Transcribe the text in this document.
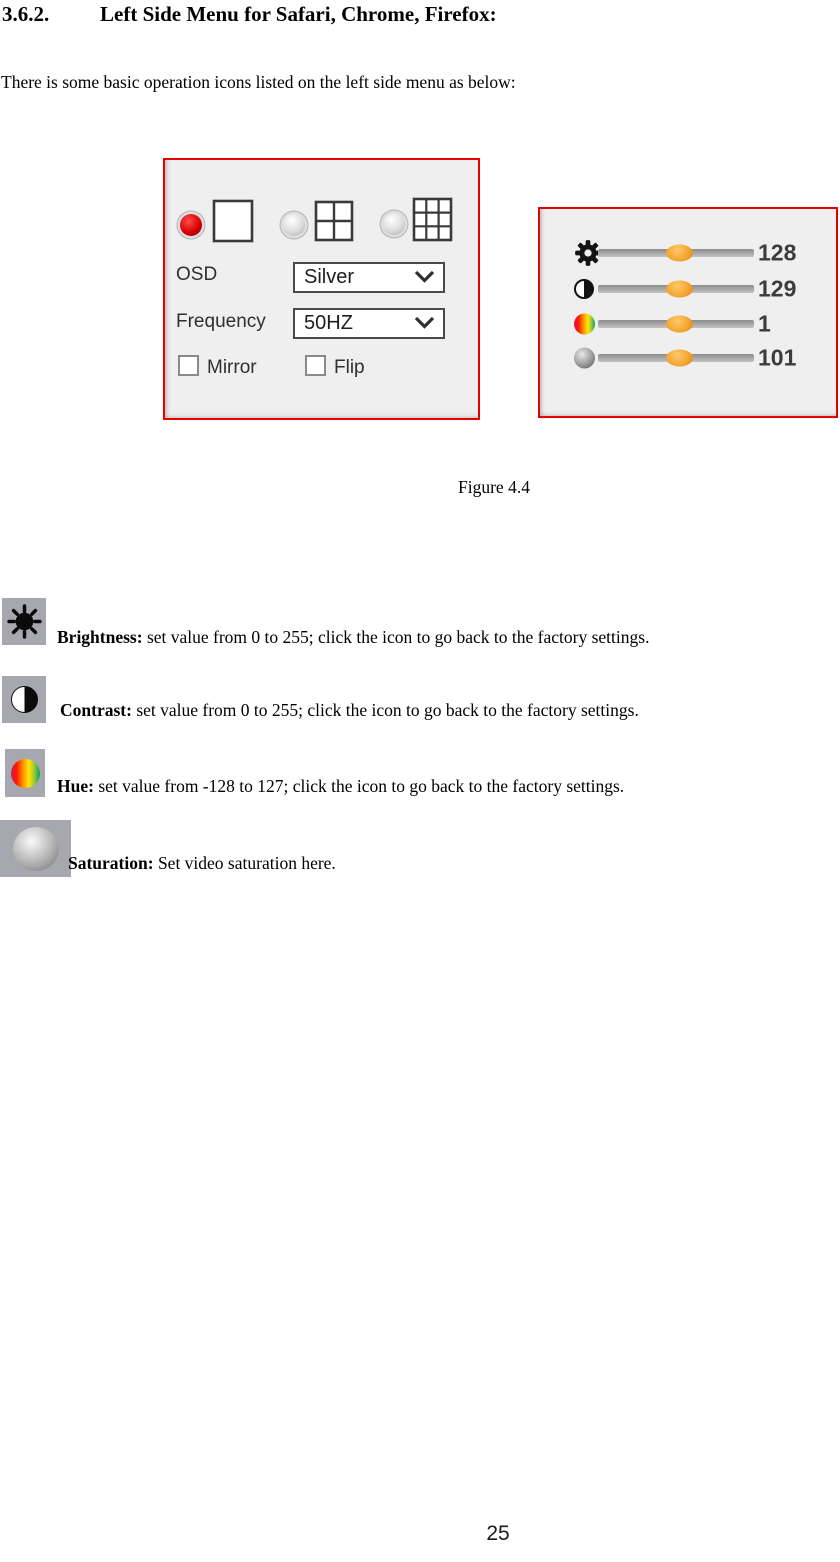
3.6.2. Left Side Menu for Safari, Chrome, Firefox:
There is some basic operation icons listed on the left side menu as below:
OSD	Silver
Frequency 50HZ
Mirror	Flip
128
129
1
101
Figure 4.4
Brightness: set value from 0 to 255; click the icon to go back to the factory settings.
Contrast: set value from 0 to 255; click the icon to go back to the factory settings.
Hue: set value from -128 to 127; click the icon to go back to the factory settings.
Saturation: Set video saturation here.
25
